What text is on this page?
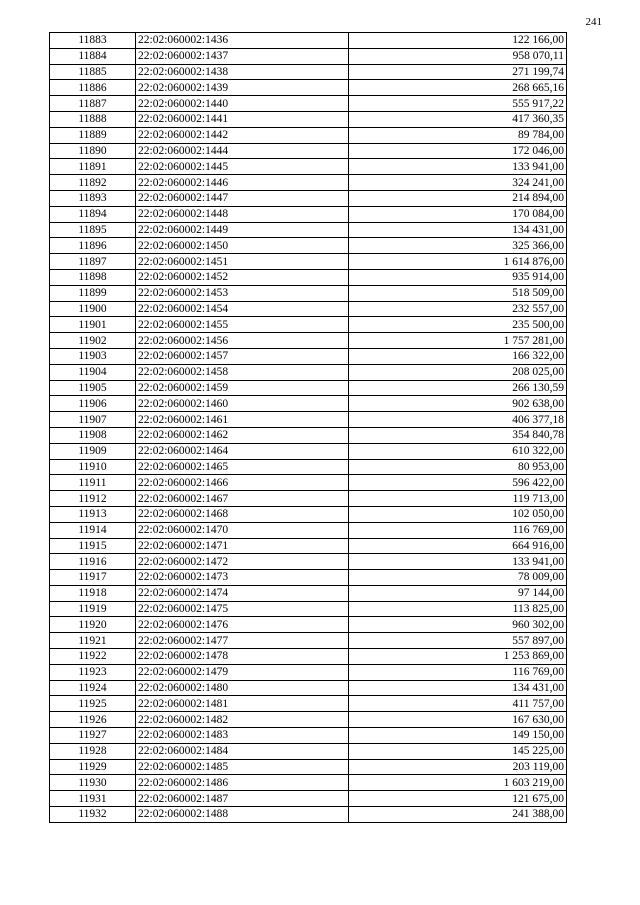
241
11883	22:02:060002:1436	122 166,00
11884	22:02:060002:1437	958 070,11
11885	22:02:060002:1438	271 199,74
11886	22:02:060002:1439	268 665,16
11887	22:02:060002:1440	555 917,22
11888	22:02:060002:1441	417 360,35
11889	22:02:060002:1442	89 784,00
11890	22:02:060002:1444	172 046,00
11891	22:02:060002:1445	133 941,00
11892	22:02:060002:1446	324 241,00
11893	22:02:060002:1447	214 894,00
11894	22:02:060002:1448	170 084,00
11895	22:02:060002:1449	134 431,00
11896	22:02:060002:1450	325 366,00
11897	22:02:060002:1451	1 614 876,00
11898	22:02:060002:1452	935 914,00
11899	22:02:060002:1453	518 509,00
11900	22:02:060002:1454	232 557,00
11901	22:02:060002:1455	235 500,00
11902	22:02:060002:1456	1 757 281,00
11903	22:02:060002:1457	166 322,00
11904	22:02:060002:1458	208 025,00
11905	22:02:060002:1459	266 130,59
11906	22:02:060002:1460	902 638,00
11907	22:02:060002:1461	406 377,18
11908	22:02:060002:1462	354 840,78
11909	22:02:060002:1464	610 322,00
11910	22:02:060002:1465	80 953,00
11911	22:02:060002:1466	596 422,00
11912	22:02:060002:1467	119 713,00
11913	22:02:060002:1468	102 050,00
11914	22:02:060002:1470	116 769,00
11915	22:02:060002:1471	664 916,00
11916	22:02:060002:1472	133 941,00
11917	22:02:060002:1473	78 009,00
11918	22:02:060002:1474	97 144,00
11919	22:02:060002:1475	113 825,00
11920	22:02:060002:1476	960 302,00
11921	22:02:060002:1477	557 897,00
11922	22:02:060002:1478	1 253 869,00
11923	22:02:060002:1479	116 769,00
11924	22:02:060002:1480	134 431,00
11925	22:02:060002:1481	411 757,00
11926	22:02:060002:1482	167 630,00
11927	22:02:060002:1483	149 150,00
11928	22:02:060002:1484	145 225,00
11929	22:02:060002:1485	203 119,00
11930	22:02:060002:1486	1 603 219,00
11931	22:02:060002:1487	121 675,00
11932	22:02:060002:1488	241 388,00
